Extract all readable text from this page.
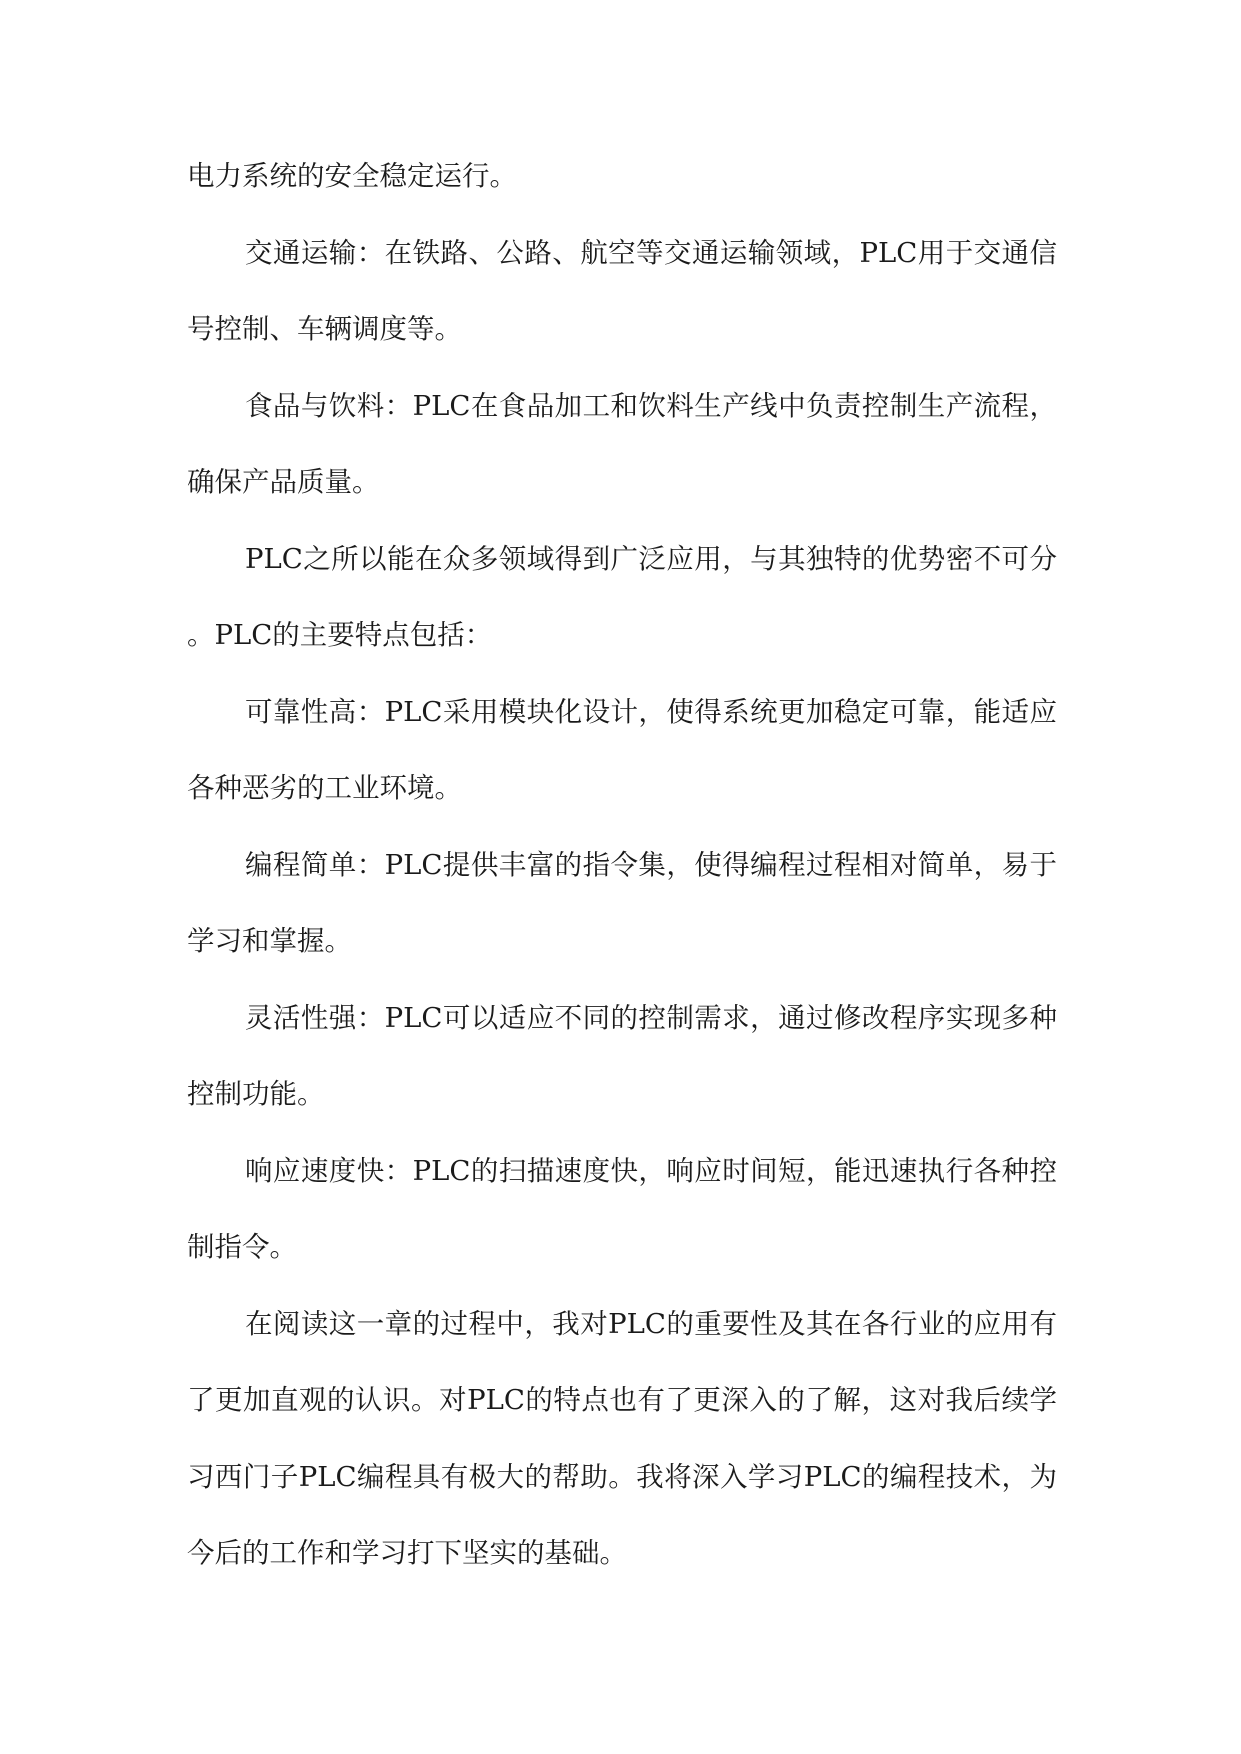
电力系统的安全稳定运行。

交通运输：在铁路、公路、航空等交通运输领域，PLC用于交通信号控制、车辆调度等。

食品与饮料：PLC在食品加工和饮料生产线中负责控制生产流程，确保产品质量。

PLC之所以能在众多领域得到广泛应用，与其独特的优势密不可分。PLC的主要特点包括：

可靠性高：PLC采用模块化设计，使得系统更加稳定可靠，能适应各种恶劣的工业环境。

编程简单：PLC提供丰富的指令集，使得编程过程相对简单，易于学习和掌握。

灵活性强：PLC可以适应不同的控制需求，通过修改程序实现多种控制功能。

响应速度快：PLC的扫描速度快，响应时间短，能迅速执行各种控制指令。

在阅读这一章的过程中，我对PLC的重要性及其在各行业的应用有了更加直观的认识。对PLC的特点也有了更深入的了解，这对我后续学习西门子PLC编程具有极大的帮助。我将深入学习PLC的编程技术，为今后的工作和学习打下坚实的基础。
